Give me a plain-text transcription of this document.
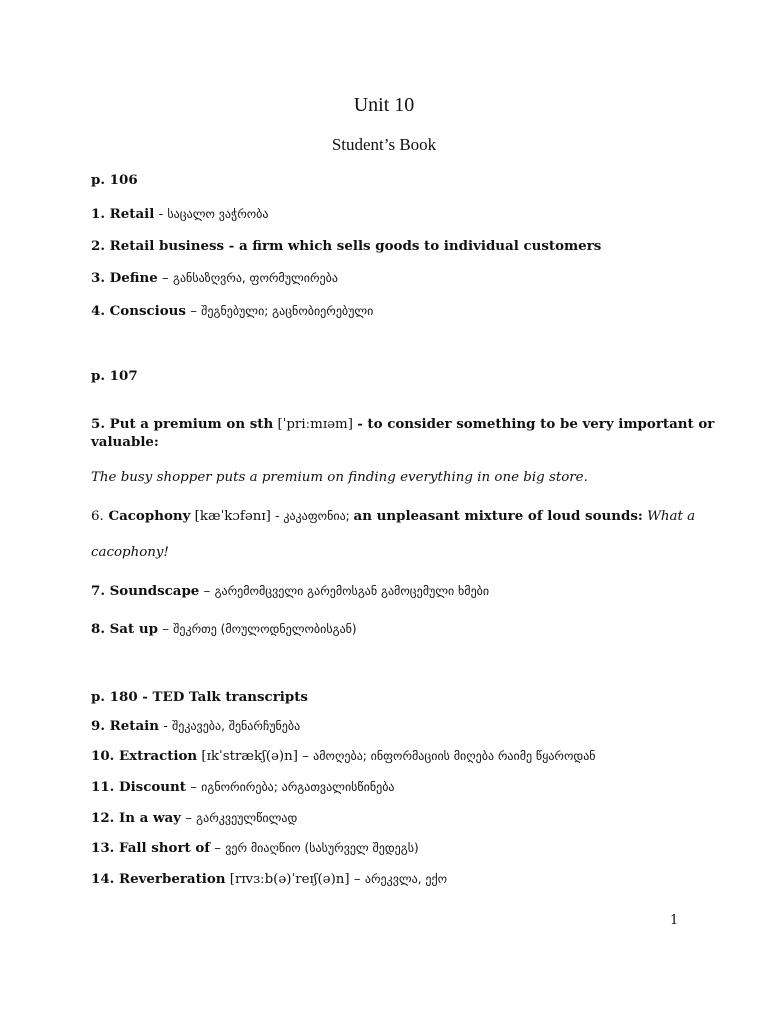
Unit 10
Student’s Book
p. 106
1. Retail - საცალო ვაჭრობა
2. Retail business - a firm which sells goods to individual customers
3. Define – განსაზღვრა, ფორმულირება
4. Conscious – შეგნებული; გაცნობიერებული
p. 107
5. Put a premium on sth [ˈpriːmɪəm] - to consider something to be very important or
valuable:
The busy shopper puts a premium on finding everything in one big store.
6. Cacophony [kæˈkɔfənɪ] - კაკაფონია; an unpleasant mixture of loud sounds: What a
cacophony!
7. Soundscape – გარემომცველი გარემოსგან გამოცემული ხმები
8. Sat up – შეკრთე (მოულოდნელობისგან)
p. 180 - TED Talk transcripts
9. Retain - შეკავება, შენარჩუნება
10. Extraction [ɪkˈstrækʃ(ə)n] – ამოღება; ინფორმაციის მიღება რაიმე წყაროდან
11. Discount – იგნორირება; არგათვალისწინება
12. In a way – გარკვეულწილად
13. Fall short of – ვერ მიაღწიო (სასურველ შედეგს)
14. Reverberation [rɪvɜːb(ə)ˈreɪʃ(ə)n] – არეკვლა, ექო
1
